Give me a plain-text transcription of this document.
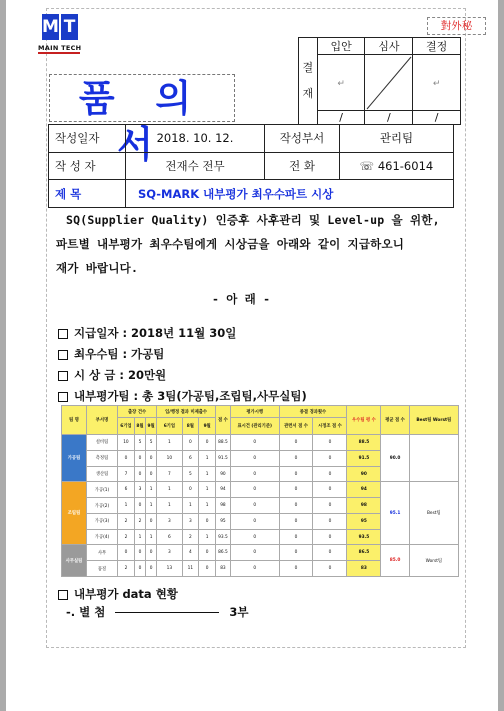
M T
MAIN TECH
對外秘
품 의 서
결
재	입안	심사	결정
	↵		↵
	/	/	/
작성일자	2018. 10. 12.	작성부서	관리팀
작 성 자	전재수 전무	전 화	☏ 461-6014
제 목	SQ-MARK 내부평가 최우수파트 시상		
SQ(Supplier Quality) 인증후 사후관리 및 Level-up 을 위한,
파트별 내부평가 최우수팀에게 시상금을 아래와 같이 지급하오니
재가 바랍니다.
- 아 래 -
지급일자 : 2018년 11월 30일
최우수팀 : 가공팀
시 상 금 : 20만원
내부평가팀 : 총 3팀(가공팀,조립팀,사무실팀)
팀 명	부서명	출장 건수			입/행정 결과 미제출수			점 수	평가시행	종결 경과횟수		우수팀 평 수	평균 점 수	Best팀 Worst팀
		6기업	8월	9월	6기업	8월	9월		표시건 (관리기준)	관련서 점 수	시정조 점 수			
가공팀	설비팀	10	5	5	1	0	0	88.5	0	0	0	88.5	90.0	
	측정팀	0	0	0	10	6	1	91.5	0	0	0	91.5		
	생산팀	7	0	0	7	5	1	90	0	0	0	90		
조립팀	가공(1)	6	3	1	1	0	1	94	0	0	0	94	95.1	Best팀
	가공(2)	1	0	1	1	1	1	98	0	0	0	98		
	가공(3)	2	2	0	3	3	0	95	0	0	0	95		
	가공(4)	2	1	1	6	2	1	93.5	0	0	0	93.5		
사무실팀	사무	0	0	0	3	4	0	86.5	0	0	0	86.5	85.0	Worst팀
	품질	2	0	0	13	11	0	83	0	0	0	83		
내부평가 data 현황
-. 별 첨	3부
